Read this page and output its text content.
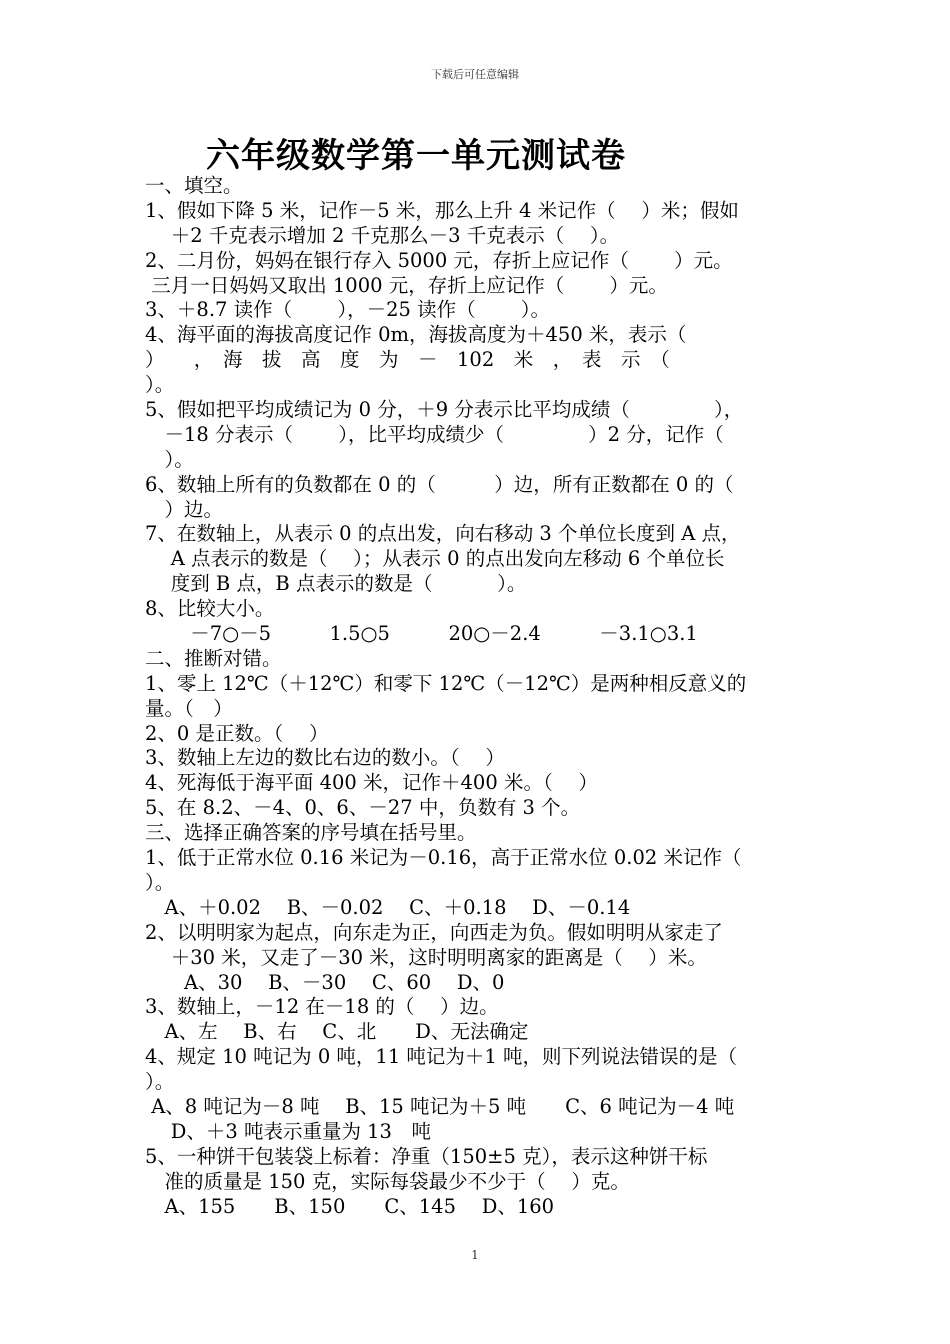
下载后可任意编辑
六年级数学第一单元测试卷
一、填空。
1、假如下降 5 米，记作－5 米，那么上升 4 米记作（　 ）米；假如
　 ＋2 千克表示增加 2 千克那么－3 千克表示（　 ）。
2、二月份，妈妈在银行存入 5000 元，存折上应记作（　　 ）元。
三月一日妈妈又取出 1000 元，存折上应记作（　　 ）元。
3、＋8.7 读作（　　 ），－25 读作（　　 ）。
4、海平面的海拔高度记作 0m，海拔高度为＋450 米，表示（
）　　，　海　拔　高　度　为　－　102　米　，　表　示　（
）。
5、假如把平均成绩记为 0 分，＋9 分表示比平均成绩（　　　　 ），
　－18 分表示（　　 ），比平均成绩少（　　　　 ）2 分，记作（
　）。
6、数轴上所有的负数都在 0 的（　　　）边，所有正数都在 0 的（
　）边。
7、在数轴上，从表示 0 的点出发，向右移动 3 个单位长度到 A 点，
　 A 点表示的数是（　 ）；从表示 0 的点出发向左移动 6 个单位长
　 度到 B 点，B 点表示的数是（　　　 ）。
8、比较大小。
　　 －7○－5　　　1.5○5　　　20○－2.4　　　－3.1○3.1
二、推断对错。
1、零上 12℃（＋12℃）和零下 12℃（－12℃）是两种相反意义的
量。（　）
2、0 是正数。（　 ）
3、数轴上左边的数比右边的数小。（　 ）
4、死海低于海平面 400 米，记作＋400 米。（　 ）
5、在 8.2、－4、0、6、－27 中，负数有 3 个。
三、选择正确答案的序号填在括号里。
1、低于正常水位 0.16 米记为－0.16，高于正常水位 0.02 米记作（
）。
　A、＋0.02　 B、－0.02　 C、＋0.18　 D、－0.14
2、以明明家为起点，向东走为正，向西走为负。假如明明从家走了
　 ＋30 米，又走了－30 米，这时明明离家的距离是（　 ）米。
　　A、30　 B、－30　 C、60　 D、0
3、数轴上，－12 在－18 的（　 ）边。
　A、左　 B、右　 C、北　　D、无法确定
4、规定 10 吨记为 0 吨，11 吨记为＋1 吨，则下列说法错误的是（
）。
A、8 吨记为－8 吨　 B、15 吨记为＋5 吨　　C、6 吨记为－4 吨
　 D、＋3 吨表示重量为 13　吨
5、一种饼干包装袋上标着：净重（150±5 克），表示这种饼干标
　准的质量是 150 克，实际每袋最少不少于（　 ）克。
　A、155　　B、150　　C、145　 D、160
1
